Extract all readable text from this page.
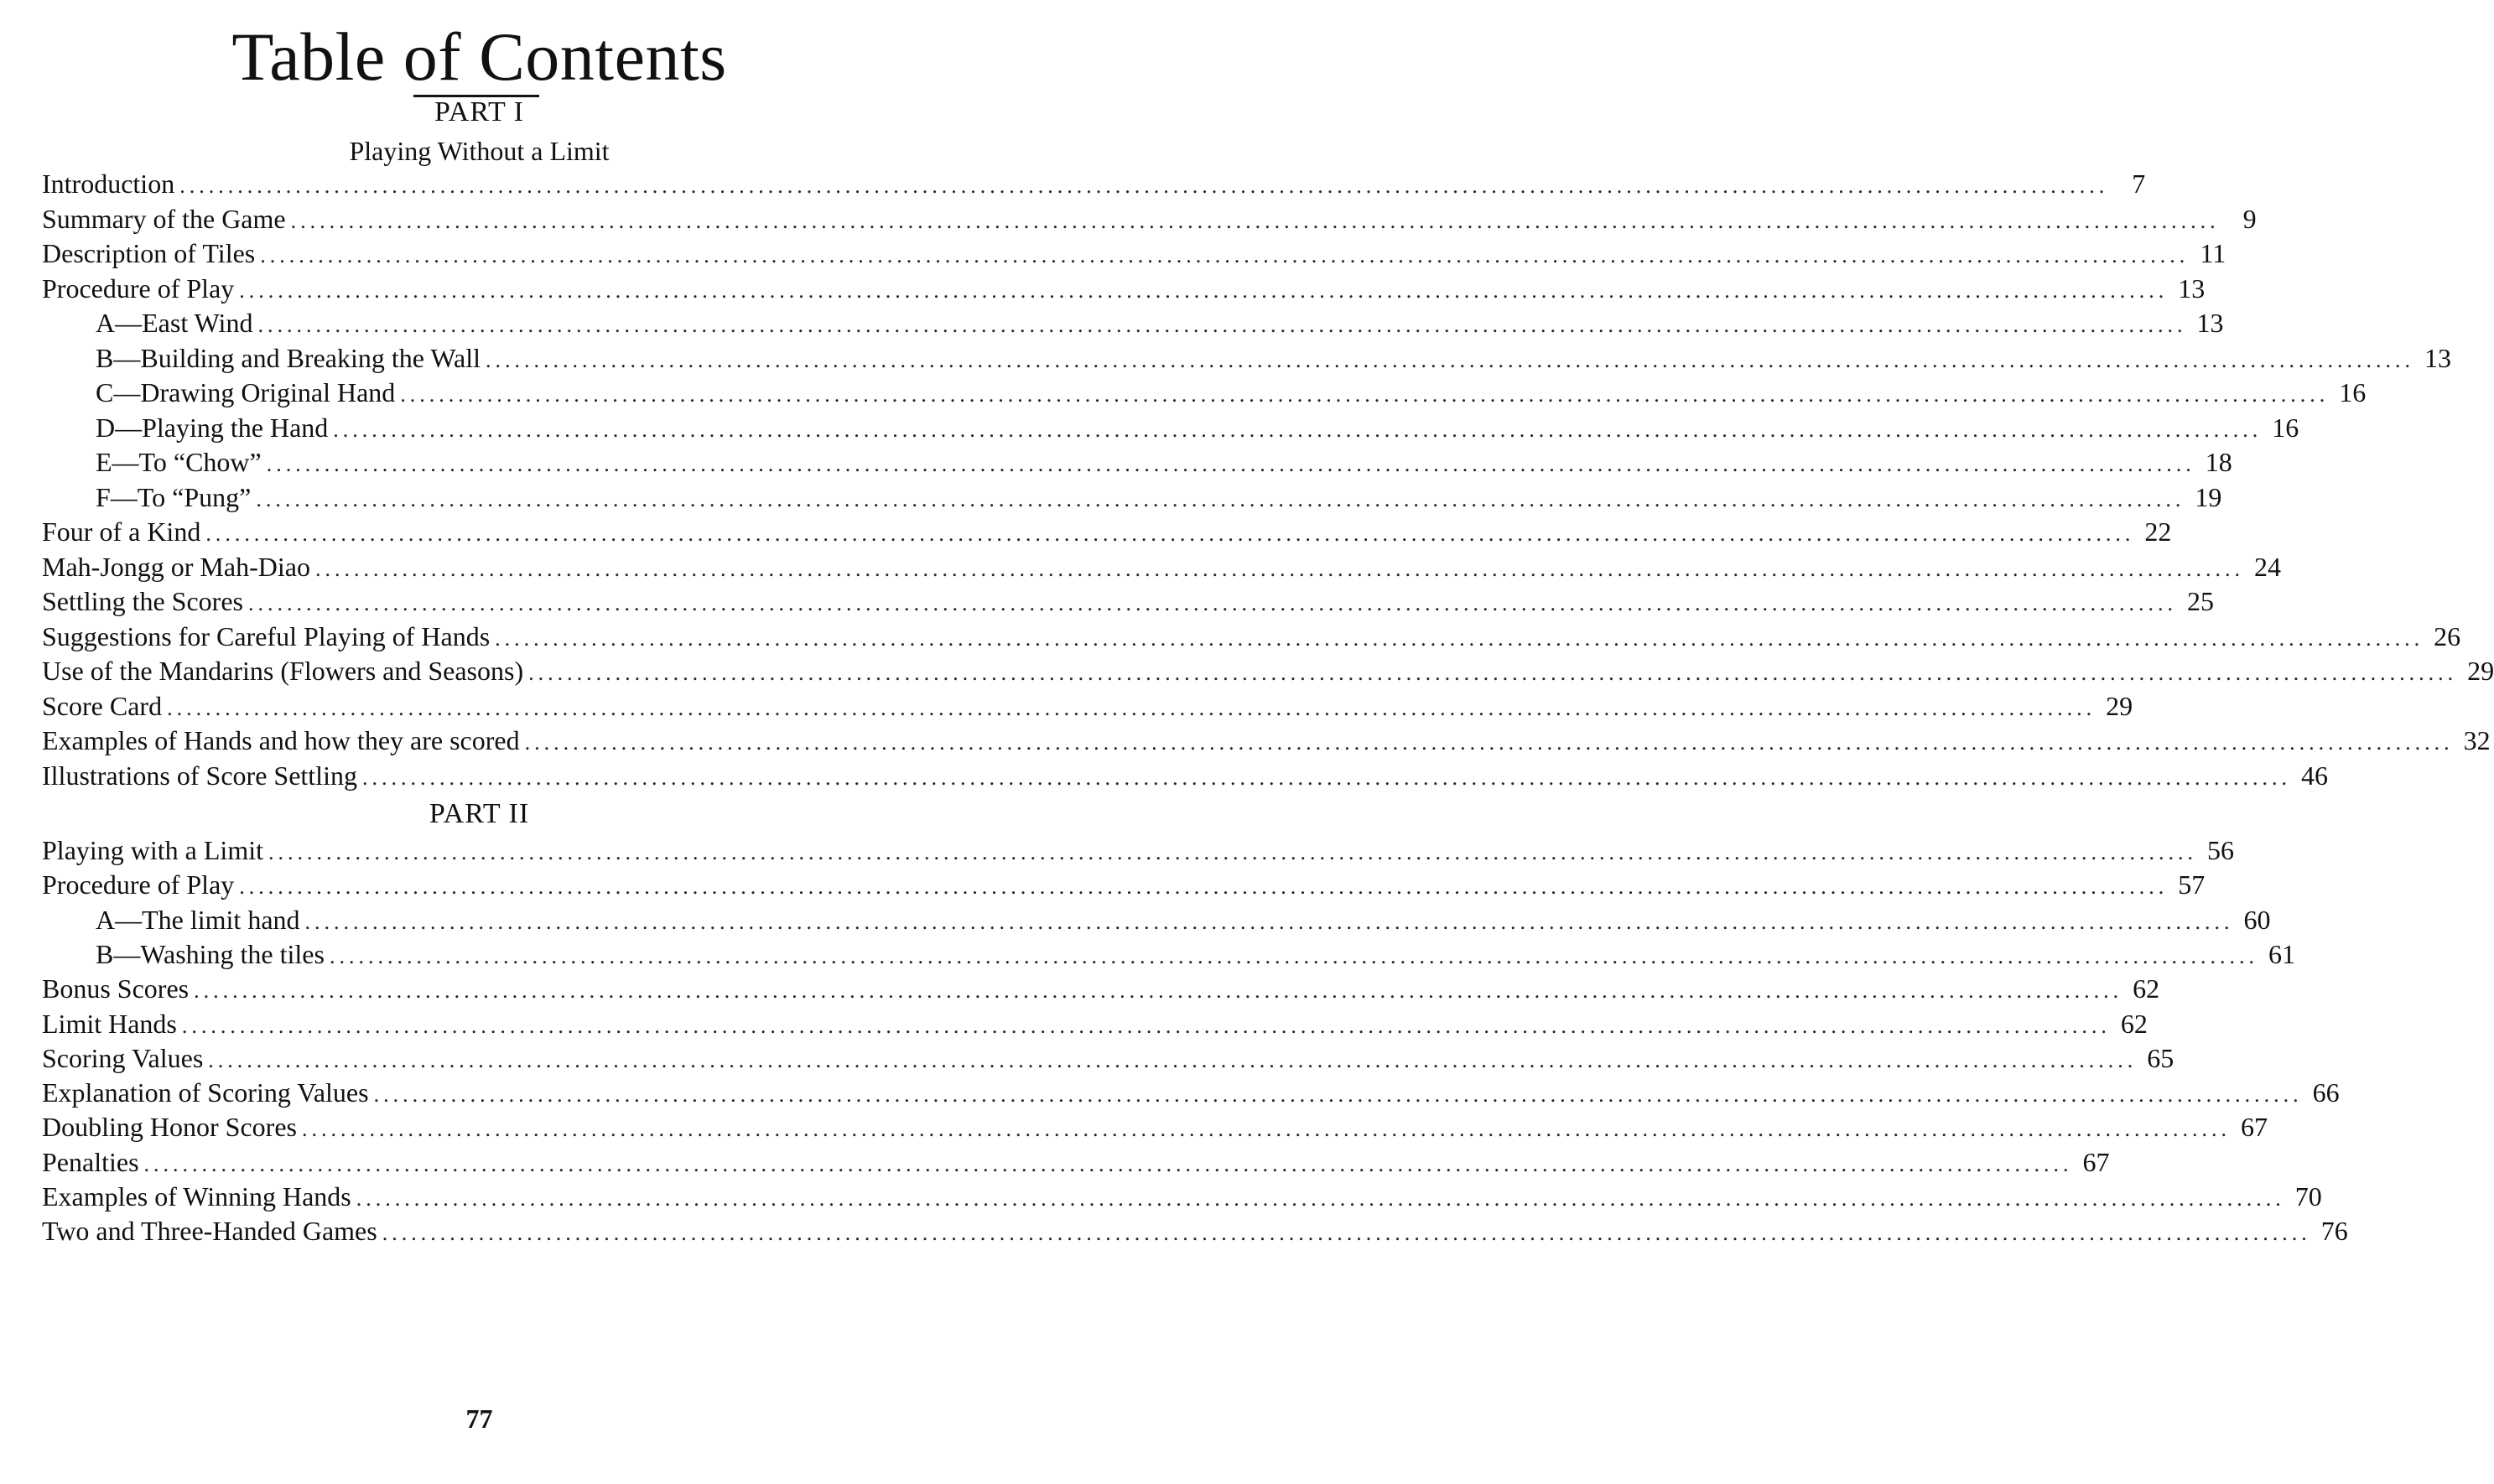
Table of Contents
PART I
Playing Without a Limit
Introduction ........................................................................................................................................................................................................ 7
Summary of the Game ........................................................................................................................................................................................................ 9
Description of Tiles ........................................................................................................................................................................................................ 11
Procedure of Play ........................................................................................................................................................................................................ 13
A—East Wind ........................................................................................................................................................................................................ 13
B—Building and Breaking the Wall ........................................................................................................................................................................................................ 13
C—Drawing Original Hand ........................................................................................................................................................................................................ 16
D—Playing the Hand ........................................................................................................................................................................................................ 16
E—To “Chow” ........................................................................................................................................................................................................ 18
F—To “Pung” ........................................................................................................................................................................................................ 19
Four of a Kind ........................................................................................................................................................................................................ 22
Mah-Jongg or Mah-Diao ........................................................................................................................................................................................................ 24
Settling the Scores ........................................................................................................................................................................................................ 25
Suggestions for Careful Playing of Hands ........................................................................................................................................................................................................ 26
Use of the Mandarins (Flowers and Seasons) ........................................................................................................................................................................................................ 29
Score Card ........................................................................................................................................................................................................ 29
Examples of Hands and how they are scored ........................................................................................................................................................................................................ 32
Illustrations of Score Settling ........................................................................................................................................................................................................ 46
PART II
Playing with a Limit ........................................................................................................................................................................................................ 56
Procedure of Play ........................................................................................................................................................................................................ 57
A—The limit hand ........................................................................................................................................................................................................ 60
B—Washing the tiles ........................................................................................................................................................................................................ 61
Bonus Scores ........................................................................................................................................................................................................ 62
Limit Hands ........................................................................................................................................................................................................ 62
Scoring Values ........................................................................................................................................................................................................ 65
Explanation of Scoring Values ........................................................................................................................................................................................................ 66
Doubling Honor Scores ........................................................................................................................................................................................................ 67
Penalties ........................................................................................................................................................................................................ 67
Examples of Winning Hands ........................................................................................................................................................................................................ 70
Two and Three-Handed Games ........................................................................................................................................................................................................ 76
77
